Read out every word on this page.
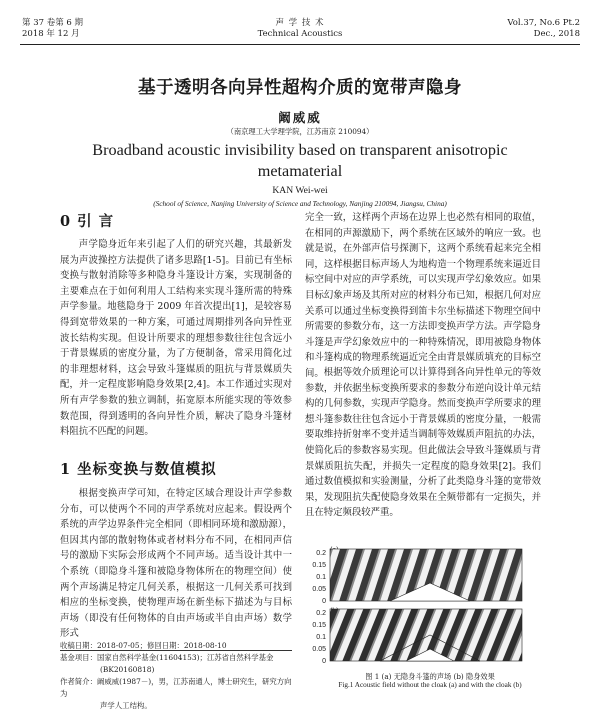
第 37 卷第 6 期
2018 年 12 月
声 学 技 术
Technical Acoustics
Vol.37, No.6 Pt.2
Dec., 2018
基于透明各向异性超构介质的宽带声隐身
阚威威
（南京理工大学理学院，江苏南京 210094）
Broadband acoustic invisibility based on transparent anisotropic
metamaterial
KAN Wei-wei
(School of Science, Nanjing University of Science and Technology, Nanjing 210094, Jiangsu, China)
0 引 言
声学隐身近年来引起了人们的研究兴趣，其最新发展为声波操控方法提供了诸多思路[1-5]。目前已有坐标变换与散射消除等多种隐身斗篷设计方案，实现制备的主要难点在于如何利用人工结构来实现斗篷所需的特殊声学参量。地毯隐身于 2009 年首次提出[1]，是较容易得到宽带效果的一种方案，可通过周期排列各向异性亚波长结构实现。但设计所要求的理想参数往往包含远小于背景媒质的密度分量，为了方便制备，常采用简化过的非理想材料，这会导致斗篷媒质的阻抗与背景媒质失配，并一定程度影响隐身效果[2,4]。本工作通过实现对所有声学参数的独立调制，拓宽原本所能实现的等效参数范围，得到透明的各向异性介质，解决了隐身斗篷材料阻抗不匹配的问题。
1 坐标变换与数值模拟
根据变换声学可知，在特定区域合理设计声学参数分布，可以使两个不同的声学系统对应起来。假设两个系统的声学边界条件完全相同（即相同环境和激励源），但因其内部的散射物体或者材料分布不同，在相同声信号的激励下实际会形成两个不同声场。适当设计其中一个系统（即隐身斗篷和被隐身物体所在的物理空间）使两个声场满足特定几何关系，根据这一几何关系可找到相应的坐标变换，使物理声场在新坐标下描述为与目标声场（即没有任何物体的自由声场或半自由声场）数学形式
收稿日期：2018-07-05；修回日期：2018-08-10
基金项目：国家自然科学基金(11604153)；江苏省自然科学基金
(BK20160818)
作者简介：阚威威(1987－)，男，江苏南通人，博士研究生，研究方向为
声学人工结构。
完全一致，这样两个声场在边界上也必然有相同的取值，在相同的声源激励下，两个系统在区域外的响应一致。也就是说，在外部声信号探测下，这两个系统看起来完全相同，这样根据目标声场人为地构造一个物理系统来逼近目标空间中对应的声学系统，可以实现声学幻象效应。如果目标幻象声场及其所对应的材料分布已知，根据几何对应关系可以通过坐标变换得到笛卡尔坐标描述下物理空间中所需要的参数分布，这一方法即变换声学方法。声学隐身斗篷是声学幻象效应中的一种特殊情况，即用被隐身物体和斗篷构成的物理系统逼近完全由背景媒质填充的目标空间。 根据等效介质理论可以计算得到各向异性单元的等效参数，并依据坐标变换所要求的参数分布逆向设计单元结构的几何参数，实现声学隐身。然而变换声学所要求的理想斗篷参数往往包含远小于背景媒质的密度分量，一般需要取维持折射率不变并适当调制等效媒质声阻抗的办法，使简化后的参数容易实现。但此做法会导致斗篷媒质与背景媒质阻抗失配，并损失一定程度的隐身效果[2]。我们通过数值模拟和实验测量，分析了此类隐身斗篷的宽带效果，发现阻抗失配使隐身效果在全频带都有一定损失，并且在特定频段较严重。
0.2
0.15
0.1
0.05
0
0.2
0.15
0.1
0.05
0
图 1 (a) 无隐身斗篷的声场 (b) 隐身效果
Fig.1 Acoustic field without the cloak (a) and with the cloak (b)
